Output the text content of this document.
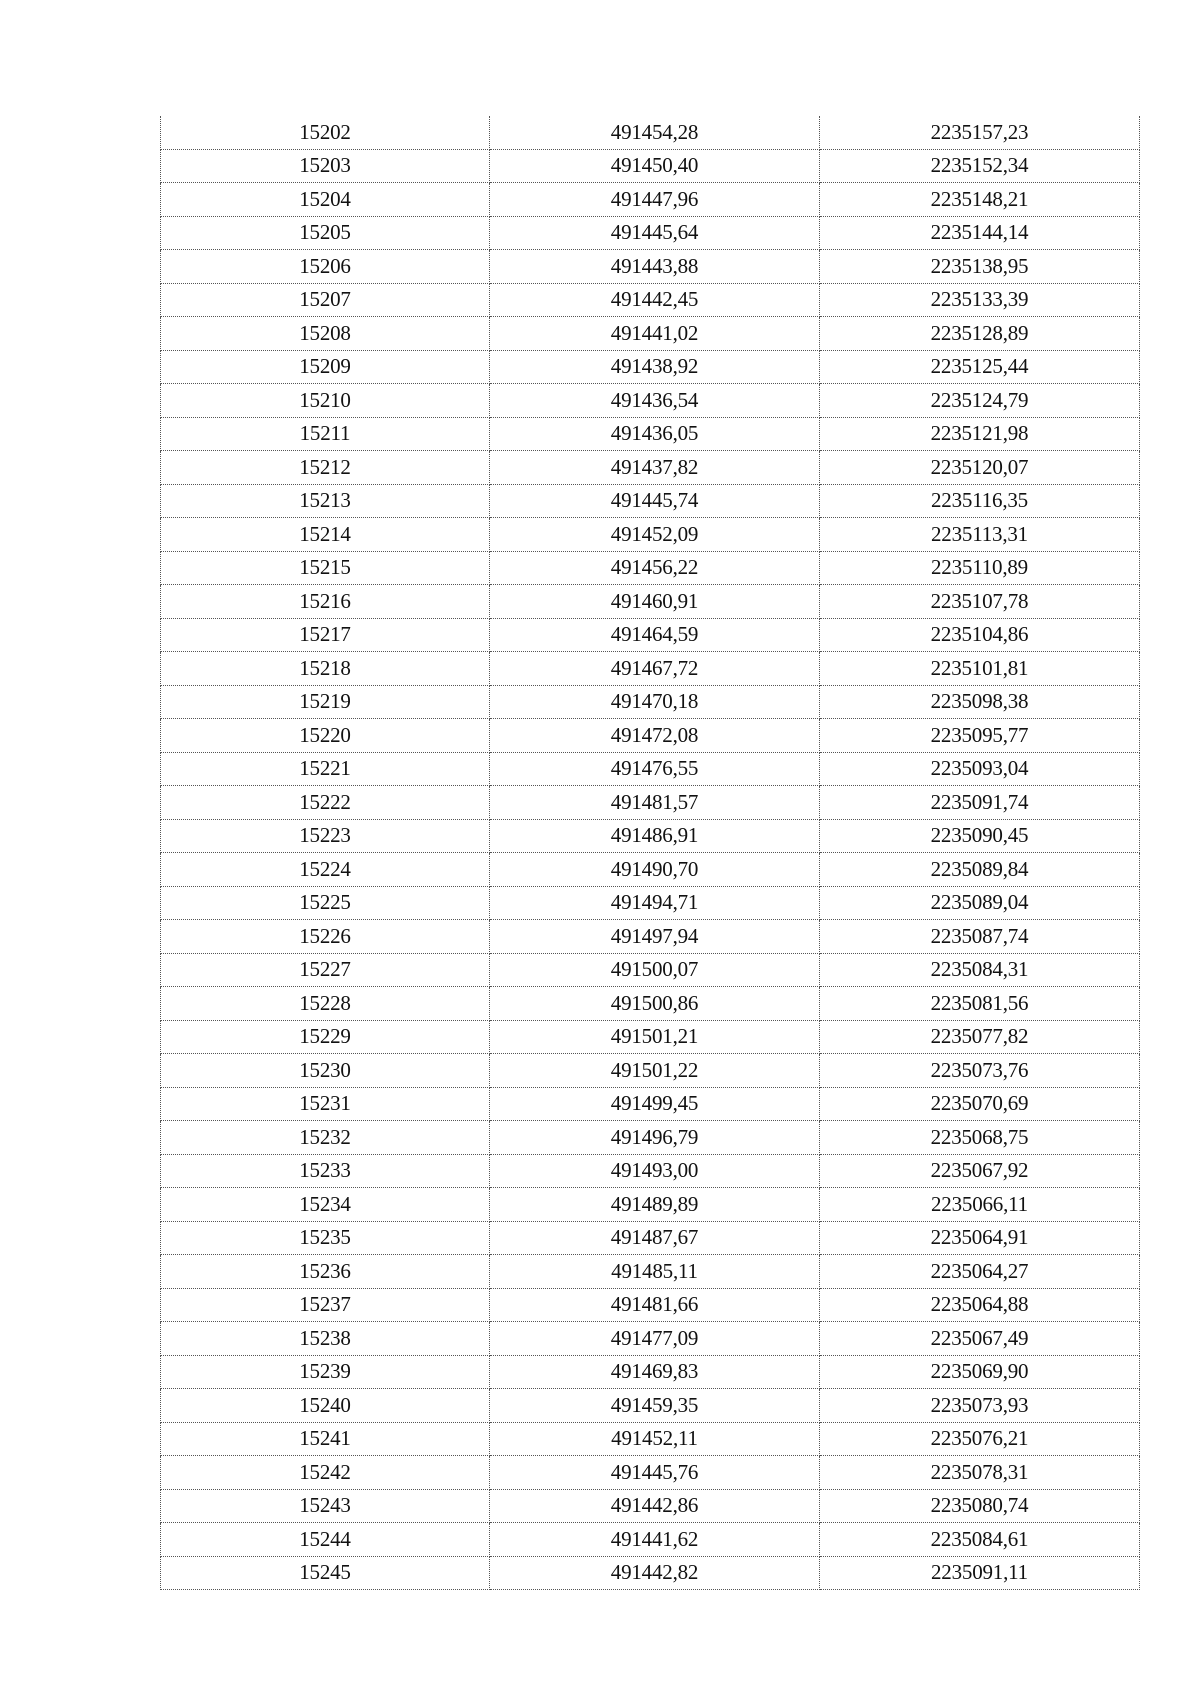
15202	491454,28	2235157,23
15203	491450,40	2235152,34
15204	491447,96	2235148,21
15205	491445,64	2235144,14
15206	491443,88	2235138,95
15207	491442,45	2235133,39
15208	491441,02	2235128,89
15209	491438,92	2235125,44
15210	491436,54	2235124,79
15211	491436,05	2235121,98
15212	491437,82	2235120,07
15213	491445,74	2235116,35
15214	491452,09	2235113,31
15215	491456,22	2235110,89
15216	491460,91	2235107,78
15217	491464,59	2235104,86
15218	491467,72	2235101,81
15219	491470,18	2235098,38
15220	491472,08	2235095,77
15221	491476,55	2235093,04
15222	491481,57	2235091,74
15223	491486,91	2235090,45
15224	491490,70	2235089,84
15225	491494,71	2235089,04
15226	491497,94	2235087,74
15227	491500,07	2235084,31
15228	491500,86	2235081,56
15229	491501,21	2235077,82
15230	491501,22	2235073,76
15231	491499,45	2235070,69
15232	491496,79	2235068,75
15233	491493,00	2235067,92
15234	491489,89	2235066,11
15235	491487,67	2235064,91
15236	491485,11	2235064,27
15237	491481,66	2235064,88
15238	491477,09	2235067,49
15239	491469,83	2235069,90
15240	491459,35	2235073,93
15241	491452,11	2235076,21
15242	491445,76	2235078,31
15243	491442,86	2235080,74
15244	491441,62	2235084,61
15245	491442,82	2235091,11
